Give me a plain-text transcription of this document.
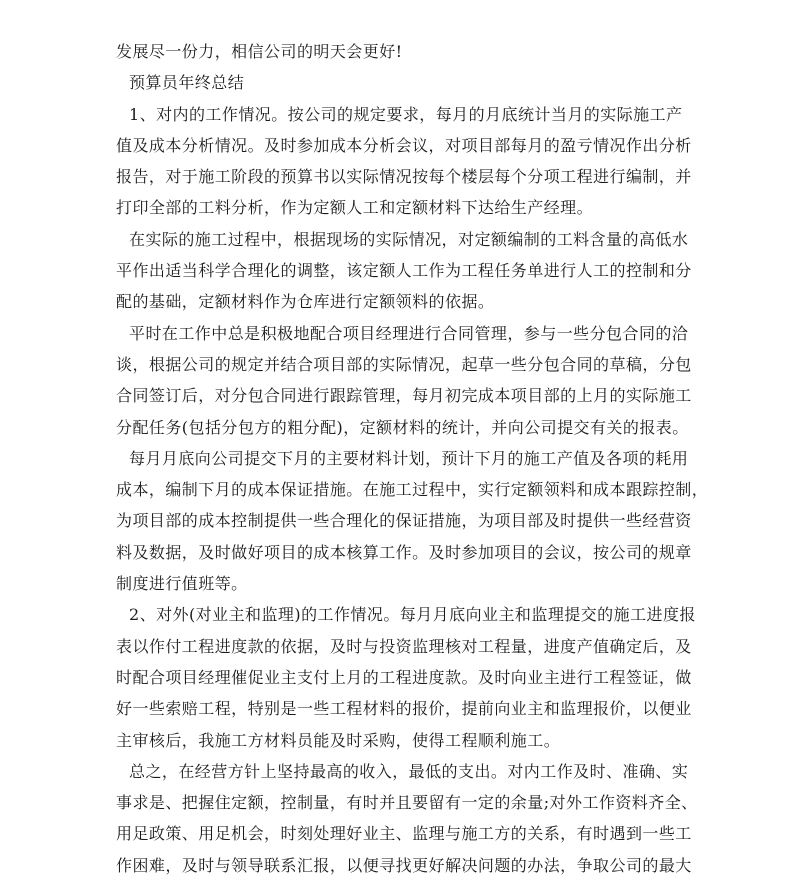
发展尽一份力，相信公司的明天会更好!
预算员年终总结
1、对内的工作情况。按公司的规定要求，每月的月底统计当月的实际施工产
值及成本分析情况。及时参加成本分析会议，对项目部每月的盈亏情况作出分析
报告，对于施工阶段的预算书以实际情况按每个楼层每个分项工程进行编制，并
打印全部的工料分析，作为定额人工和定额材料下达给生产经理。
在实际的施工过程中，根据现场的实际情况，对定额编制的工料含量的高低水
平作出适当科学合理化的调整，该定额人工作为工程任务单进行人工的控制和分
配的基础，定额材料作为仓库进行定额领料的依据。
平时在工作中总是积极地配合项目经理进行合同管理，参与一些分包合同的洽
谈，根据公司的规定并结合项目部的实际情况，起草一些分包合同的草稿，分包
合同签订后，对分包合同进行跟踪管理，每月初完成本项目部的上月的实际施工
分配任务(包括分包方的粗分配)，定额材料的统计，并向公司提交有关的报表。
每月月底向公司提交下月的主要材料计划，预计下月的施工产值及各项的耗用
成本，编制下月的成本保证措施。在施工过程中，实行定额领料和成本跟踪控制，
为项目部的成本控制提供一些合理化的保证措施，为项目部及时提供一些经营资
料及数据，及时做好项目的成本核算工作。及时参加项目的会议，按公司的规章
制度进行值班等。
2、对外(对业主和监理)的工作情况。每月月底向业主和监理提交的施工进度报
表以作付工程进度款的依据，及时与投资监理核对工程量，进度产值确定后，及
时配合项目经理催促业主支付上月的工程进度款。及时向业主进行工程签证，做
好一些索赔工程，特别是一些工程材料的报价，提前向业主和监理报价，以便业
主审核后，我施工方材料员能及时采购，使得工程顺利施工。
总之，在经营方针上坚持最高的收入，最低的支出。对内工作及时、准确、实
事求是、把握住定额，控制量，有时并且要留有一定的余量;对外工作资料齐全、
用足政策、用足机会，时刻处理好业主、监理与施工方的关系，有时遇到一些工
作困难，及时与领导联系汇报，以便寻找更好解决问题的办法，争取公司的最大
